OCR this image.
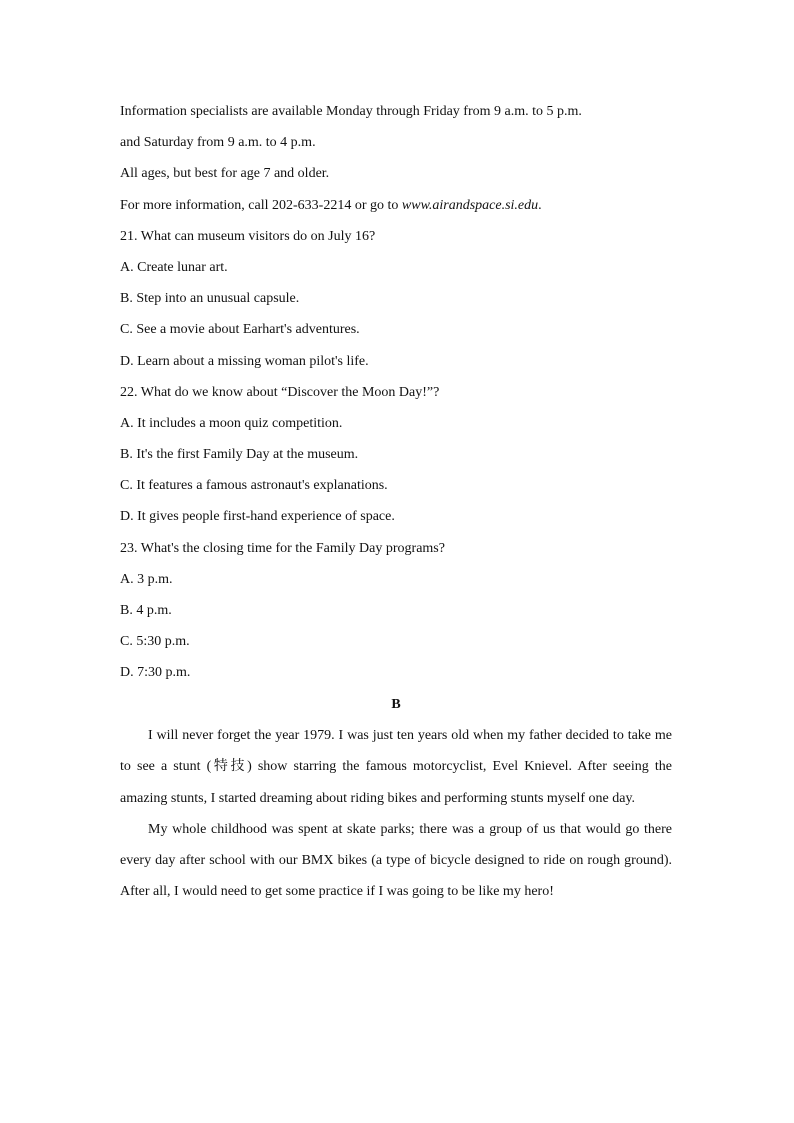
Information specialists are available Monday through Friday from 9 a.m. to 5 p.m.
and Saturday from 9 a.m. to 4 p.m.
All ages, but best for age 7 and older.
For more information, call 202-633-2214 or go to www.airandspace.si.edu.
21. What can museum visitors do on July 16?
A. Create lunar art.
B. Step into an unusual capsule.
C. See a movie about Earhart's adventures.
D. Learn about a missing woman pilot's life.
22. What do we know about “Discover the Moon Day!”?
A. It includes a moon quiz competition.
B. It's the first Family Day at the museum.
C. It features a famous astronaut's explanations.
D. It gives people first-hand experience of space.
23. What's the closing time for the Family Day programs?
A. 3 p.m.
B. 4 p.m.
C. 5:30 p.m.
D. 7:30 p.m.
B

I will never forget the year 1979. I was just ten years old when my father decided to take me to see a stunt (特技) show starring the famous motorcyclist, Evel Knievel. After seeing the amazing stunts, I started dreaming about riding bikes and performing stunts myself one day.

My whole childhood was spent at skate parks; there was a group of us that would go there every day after school with our BMX bikes (a type of bicycle designed to ride on rough ground). After all, I would need to get some practice if I was going to be like my hero!
